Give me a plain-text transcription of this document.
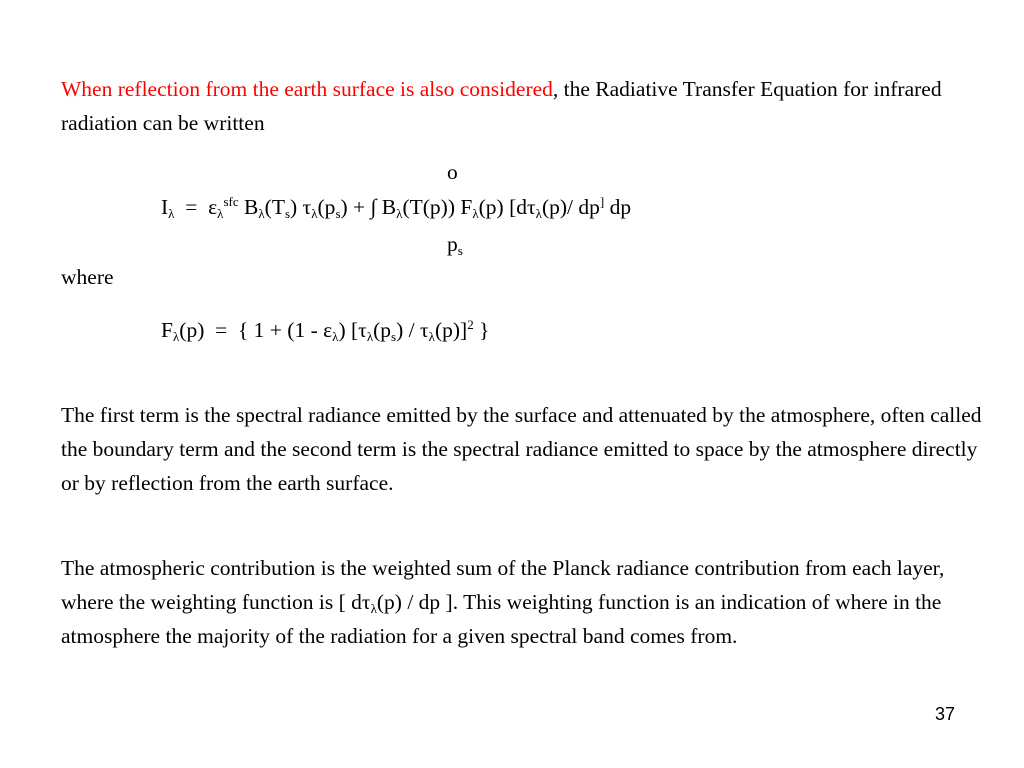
When reflection from the earth surface is also considered, the Radiative Transfer Equation for infrared radiation can be written
o
$I_\lambda = \varepsilon_\lambda^{sfc}$ $B_\lambda(T_s) \tau_\lambda(p_s)$ + ∫ $B_\lambda(T(p))$ $F_\lambda(p)$ [$d\tau_\lambda(p)/$ dp] dp
$p_s$
where
$F_\lambda(p)$  =  { $1 + (1 - \varepsilon_\lambda)$ $[\tau_\lambda(p_s) / \tau_\lambda(p)]^2$ }
The first term is the spectral radiance emitted by the surface and attenuated by the atmosphere, often called the boundary term and the second term is the spectral radiance emitted to space by the atmosphere directly or by reflection from the earth surface.
The atmospheric contribution is the weighted sum of the Planck radiance contribution from each layer, where the weighting function is [ $d\tau_\lambda(p)$ / dp ]. This weighting function is an indication of where in the atmosphere the majority of the radiation for a given spectral band comes from.
37
